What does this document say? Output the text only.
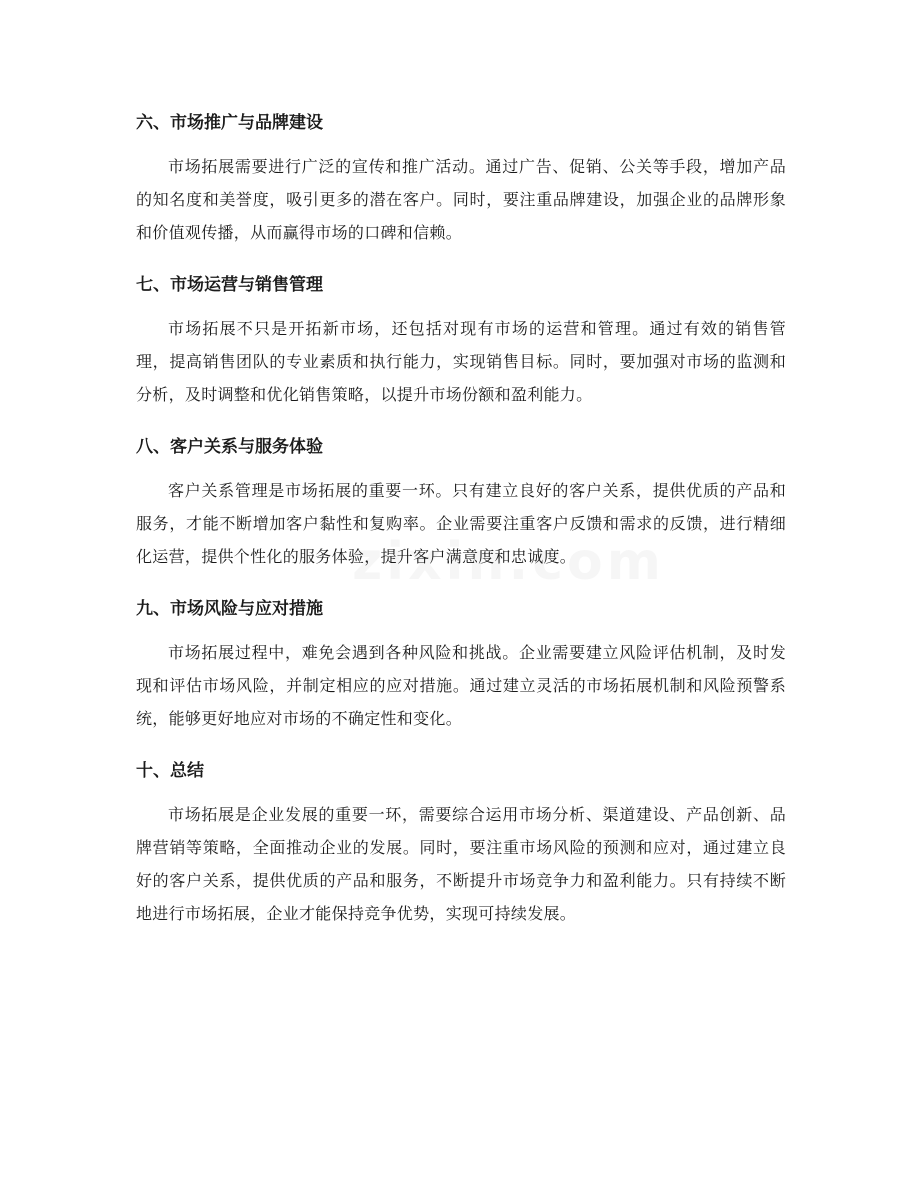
六、市场推广与品牌建设

市场拓展需要进行广泛的宣传和推广活动。通过广告、促销、公关等手段，增加产品的知名度和美誉度，吸引更多的潜在客户。同时，要注重品牌建设，加强企业的品牌形象和价值观传播，从而赢得市场的口碑和信赖。

七、市场运营与销售管理

市场拓展不只是开拓新市场，还包括对现有市场的运营和管理。通过有效的销售管理，提高销售团队的专业素质和执行能力，实现销售目标。同时，要加强对市场的监测和分析，及时调整和优化销售策略，以提升市场份额和盈利能力。

八、客户关系与服务体验

客户关系管理是市场拓展的重要一环。只有建立良好的客户关系，提供优质的产品和服务，才能不断增加客户黏性和复购率。企业需要注重客户反馈和需求的反馈，进行精细化运营，提供个性化的服务体验，提升客户满意度和忠诚度。

九、市场风险与应对措施

市场拓展过程中，难免会遇到各种风险和挑战。企业需要建立风险评估机制，及时发现和评估市场风险，并制定相应的应对措施。通过建立灵活的市场拓展机制和风险预警系统，能够更好地应对市场的不确定性和变化。

十、总结

市场拓展是企业发展的重要一环，需要综合运用市场分析、渠道建设、产品创新、品牌营销等策略，全面推动企业的发展。同时，要注重市场风险的预测和应对，通过建立良好的客户关系，提供优质的产品和服务，不断提升市场竞争力和盈利能力。只有持续不断地进行市场拓展，企业才能保持竞争优势，实现可持续发展。
